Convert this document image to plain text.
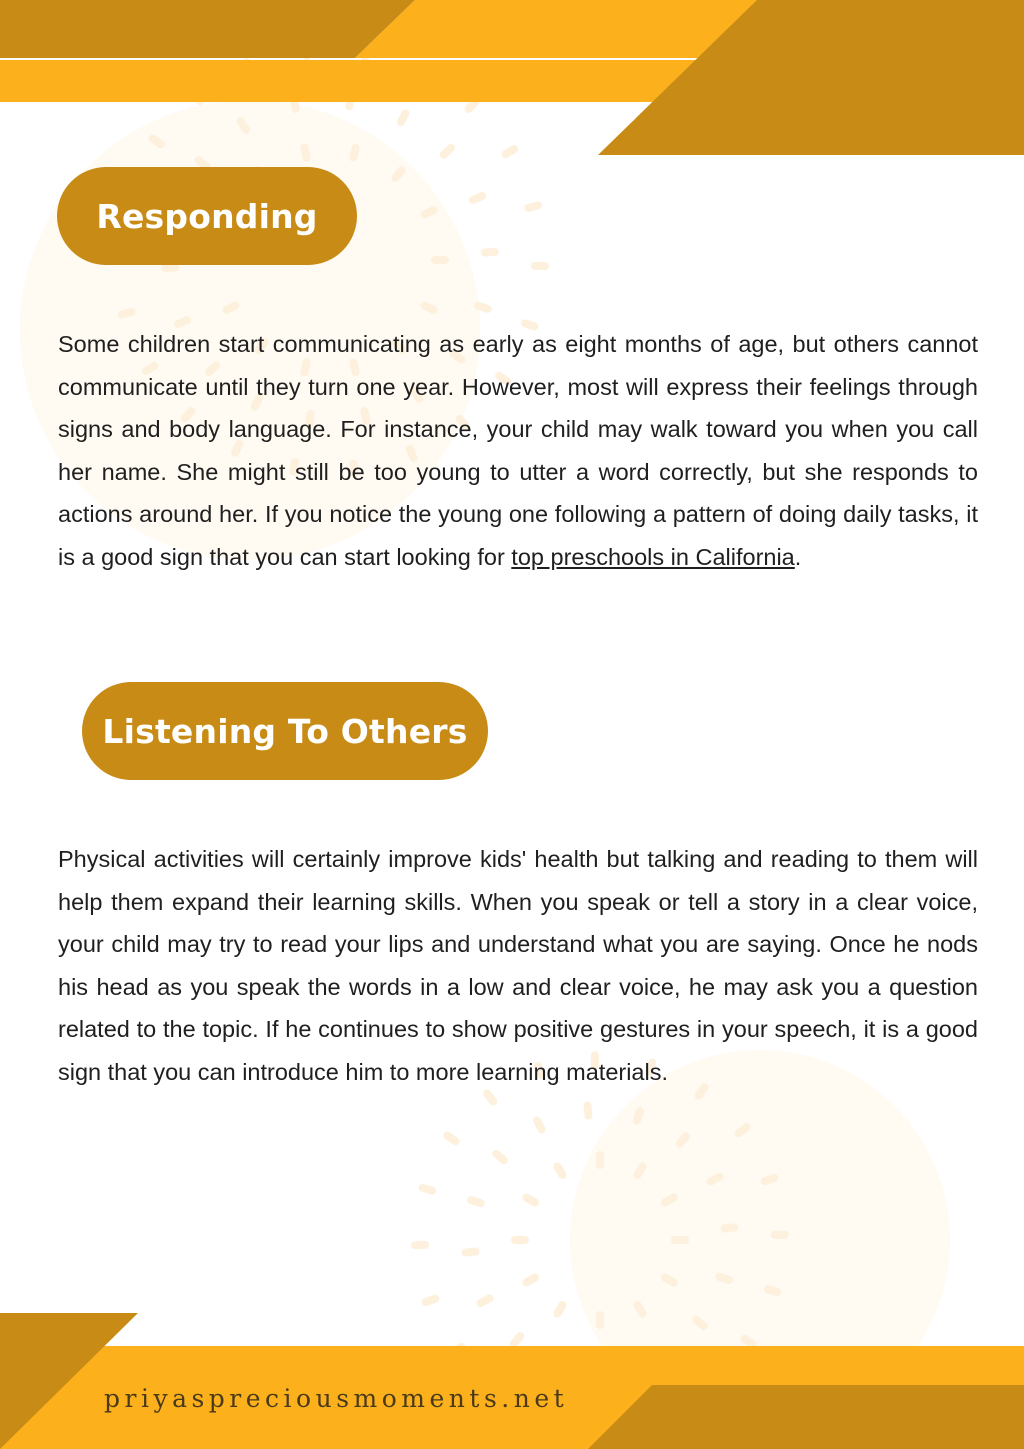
Responding

Some children start communicating as early as eight months of age, but others cannot communicate until they turn one year. However, most will express their feelings through signs and body language. For instance, your child may walk toward you when you call her name. She might still be too young to utter a word correctly, but she responds to actions around her. If you notice the young one following a pattern of doing daily tasks, it is a good sign that you can start looking for top preschools in California.

Listening To Others

Physical activities will certainly improve kids' health but talking and reading to them will help them expand their learning skills. When you speak or tell a story in a clear voice, your child may try to read your lips and understand what you are saying. Once he nods his head as you speak the words in a low and clear voice, he may ask you a question related to the topic. If he continues to show positive gestures in your speech, it is a good sign that you can introduce him to more learning materials.

priyaspreciousmoments.net
